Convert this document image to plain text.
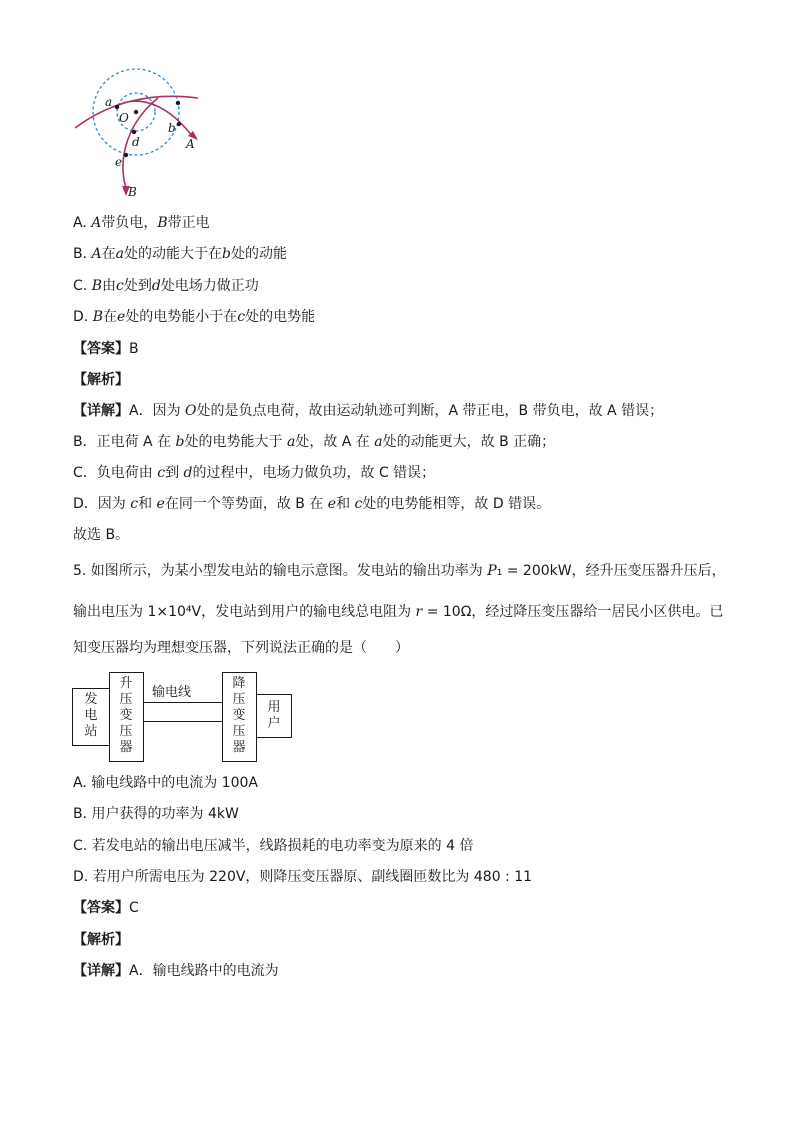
a
O
b
d	A
e
B
A. A带负电，B带正电
B. A在a处的动能大于在b处的动能
C. B由c处到d处电场力做正功
D. B在e处的电势能小于在c处的电势能
【答案】B
【解析】
【详解】A．因为 O处的是负点电荷，故由运动轨迹可判断，A 带正电，B 带负电，故 A 错误；
B．正电荷 A 在 b处的电势能大于 a处，故 A 在 a处的动能更大，故 B 正确；
C．负电荷由 c到 d的过程中，电场力做负功，故 C 错误；
D．因为 c和 e在同一个等势面，故 B 在 e和 c处的电势能相等，故 D 错误。
故选 B。
5. 如图所示，为某小型发电站的输电示意图。发电站的输出功率为 P₁ = 200kW，经升压变压器升压后，
输出电压为 1×10⁴V，发电站到用户的输电线总电阻为 r = 10Ω，经过降压变压器给一居民小区供电。已
知变压器均为理想变压器，下列说法正确的是（　　）
发电站
升压变压器
输电线
降压变压器
用户
A. 输电线路中的电流为 100A
B. 用户获得的功率为 4kW
C. 若发电站的输出电压减半，线路损耗的电功率变为原来的 4 倍
D. 若用户所需电压为 220V，则降压变压器原、副线圈匝数比为 480 : 11
【答案】C
【解析】
【详解】A．输电线路中的电流为
